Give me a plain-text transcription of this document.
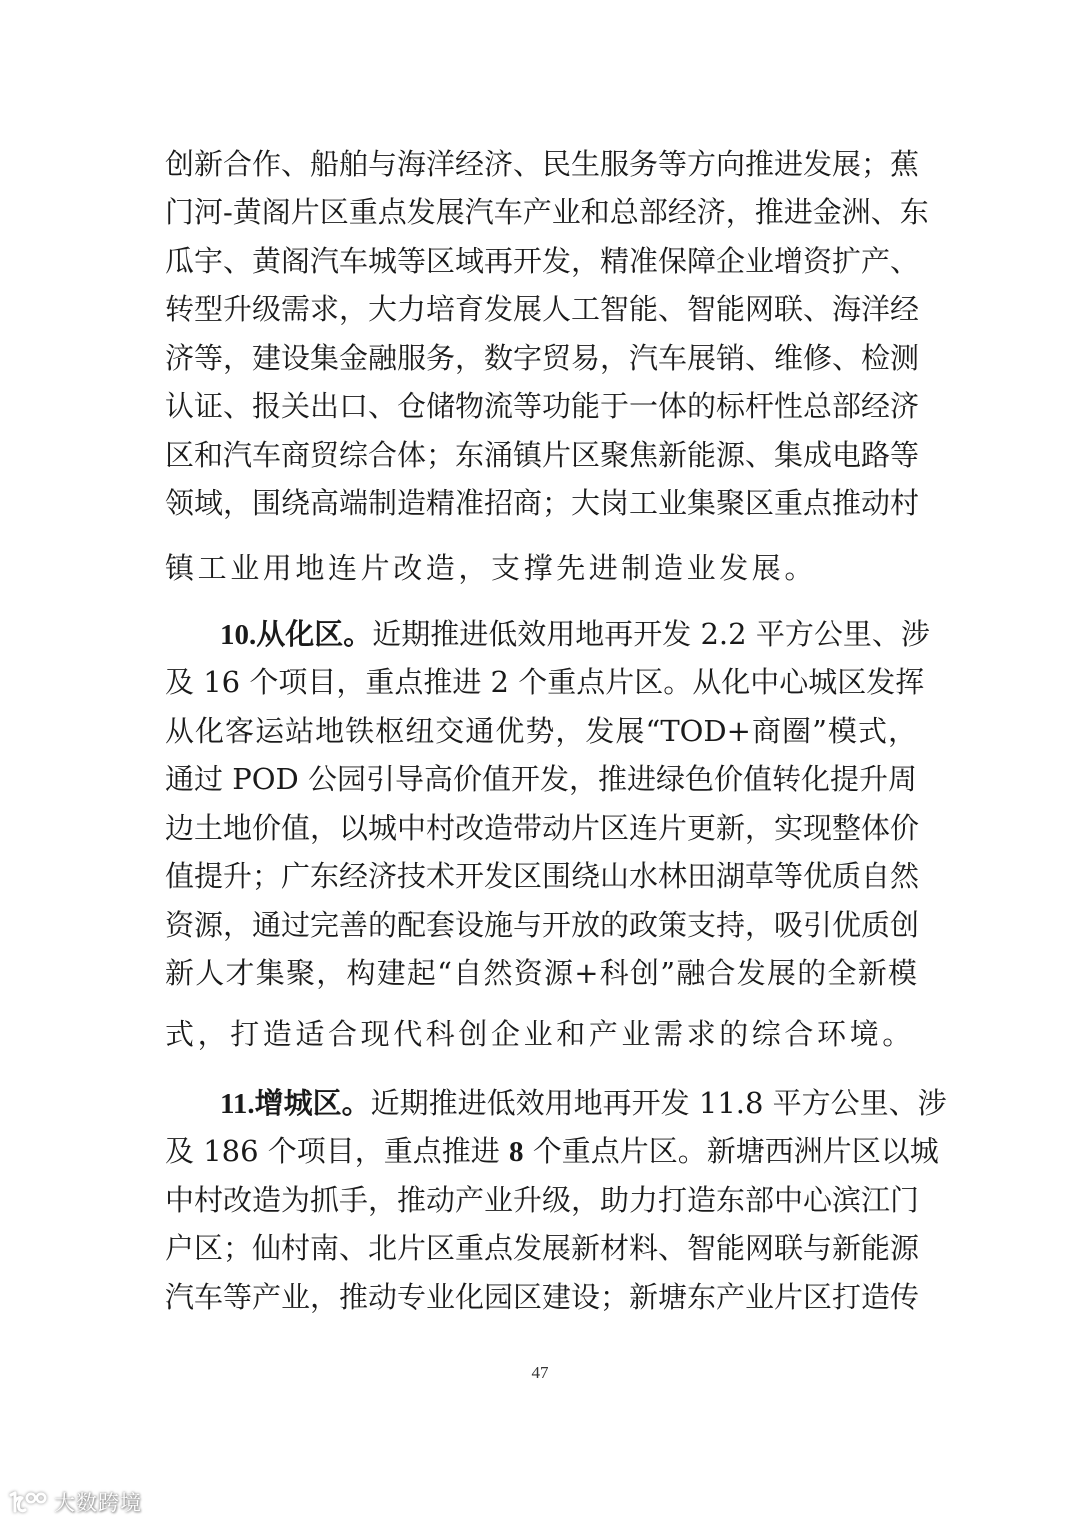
创新合作、船舶与海洋经济、民生服务等方向推进发展；蕉
门河-黄阁片区重点发展汽车产业和总部经济，推进金洲、东
瓜宇、黄阁汽车城等区域再开发，精准保障企业增资扩产、
转型升级需求，大力培育发展人工智能、智能网联、海洋经
济等，建设集金融服务，数字贸易，汽车展销、维修、检测
认证、报关出口、仓储物流等功能于一体的标杆性总部经济
区和汽车商贸综合体；东涌镇片区聚焦新能源、集成电路等
领域，围绕高端制造精准招商；大岗工业集聚区重点推动村
镇工业用地连片改造，支撑先进制造业发展。
10.从化区。近期推进低效用地再开发 2.2 平方公里、涉
及 16 个项目，重点推进 2 个重点片区。从化中心城区发挥
从化客运站地铁枢纽交通优势，发展“TOD+商圈”模式，
通过 POD 公园引导高价值开发，推进绿色价值转化提升周
边土地价值，以城中村改造带动片区连片更新，实现整体价
值提升；广东经济技术开发区围绕山水林田湖草等优质自然
资源，通过完善的配套设施与开放的政策支持，吸引优质创
新人才集聚，构建起“自然资源+科创”融合发展的全新模
式，打造适合现代科创企业和产业需求的综合环境。
11.增城区。近期推进低效用地再开发 11.8 平方公里、涉
及 186 个项目，重点推进 8 个重点片区。新塘西洲片区以城
中村改造为抓手，推动产业升级，助力打造东部中心滨江门
户区；仙村南、北片区重点发展新材料、智能网联与新能源
汽车等产业，推动专业化园区建设；新塘东产业片区打造传
47
大数跨境
